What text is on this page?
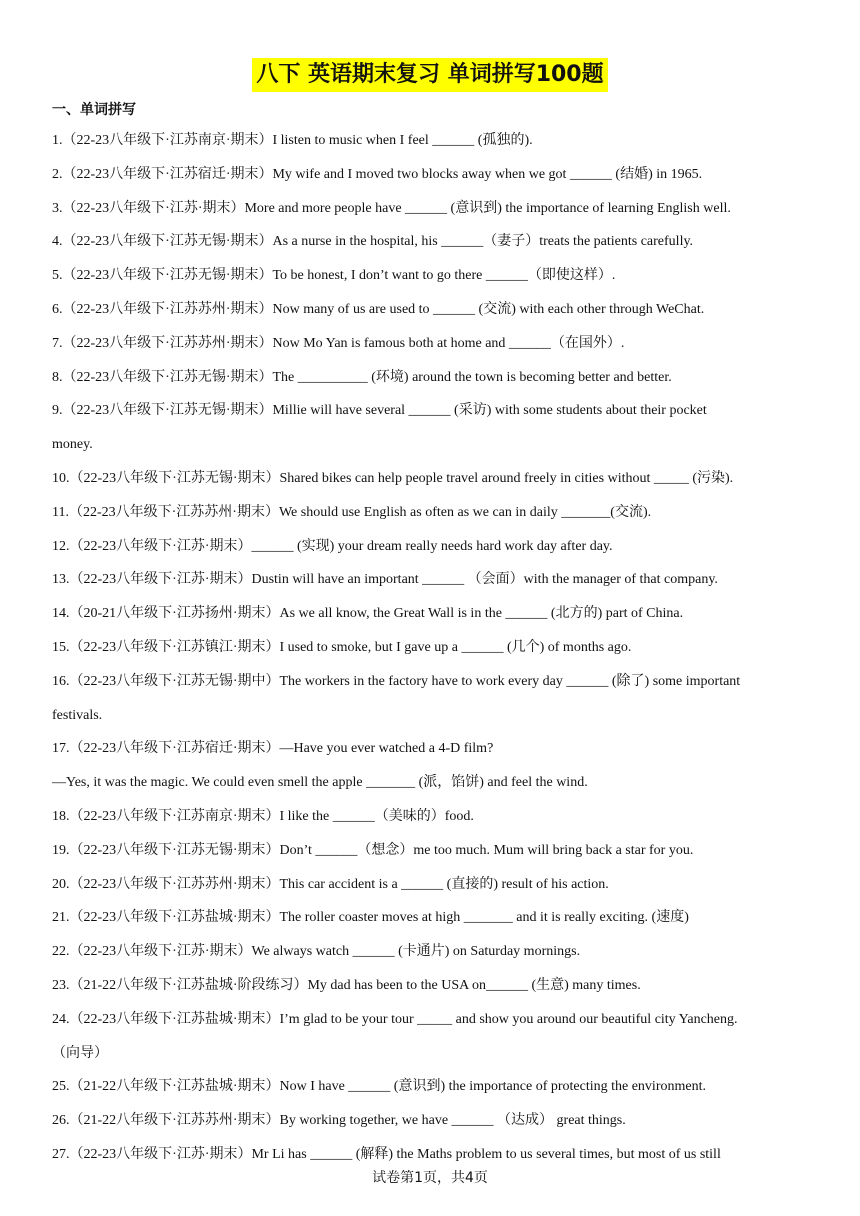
八下 英语期末复习 单词拼写100题
一、单词拼写
1.（22-23八年级下·江苏南京·期末）I listen to music when I feel ______ (孤独的).
2.（22-23八年级下·江苏宿迁·期末）My wife and I moved two blocks away when we got ______ (结婚) in 1965.
3.（22-23八年级下·江苏·期末）More and more people have ______ (意识到) the importance of learning English well.
4.（22-23八年级下·江苏无锡·期末）As a nurse in the hospital, his ______（妻子）treats the patients carefully.
5.（22-23八年级下·江苏无锡·期末）To be honest, I don’t want to go there ______（即使这样）.
6.（22-23八年级下·江苏苏州·期末）Now many of us are used to ______ (交流) with each other through WeChat.
7.（22-23八年级下·江苏苏州·期末）Now Mo Yan is famous both at home and ______（在国外）.
8.（22-23八年级下·江苏无锡·期末）The __________ (环境) around the town is becoming better and better.
9.（22-23八年级下·江苏无锡·期末）Millie will have several ______ (采访) with some students about their pocket
money.
10.（22-23八年级下·江苏无锡·期末）Shared bikes can help people travel around freely in cities without _____ (污染).
11.（22-23八年级下·江苏苏州·期末）We should use English as often as we can in daily _______(交流).
12.（22-23八年级下·江苏·期末）______ (实现) your dream really needs hard work day after day.
13.（22-23八年级下·江苏·期末）Dustin will have an important ______ （会面）with the manager of that company.
14.（20-21八年级下·江苏扬州·期末）As we all know, the Great Wall is in the ______ (北方的) part of China.
15.（22-23八年级下·江苏镇江·期末）I used to smoke, but I gave up a ______ (几个) of months ago.
16.（22-23八年级下·江苏无锡·期中）The workers in the factory have to work every day ______ (除了) some important
festivals.
17.（22-23八年级下·江苏宿迁·期末）—Have you ever watched a 4-D film?
—Yes, it was the magic. We could even smell the apple _______ (派，馅饼) and feel the wind.
18.（22-23八年级下·江苏南京·期末）I like the ______（美味的）food.
19.（22-23八年级下·江苏无锡·期末）Don’t ______（想念）me too much. Mum will bring back a star for you.
20.（22-23八年级下·江苏苏州·期末）This car accident is a ______ (直接的) result of his action.
21.（22-23八年级下·江苏盐城·期末）The roller coaster moves at high _______ and it is really exciting. (速度)
22.（22-23八年级下·江苏·期末）We always watch ______ (卡通片) on Saturday mornings.
23.（21-22八年级下·江苏盐城·阶段练习）My dad has been to the USA on______ (生意) many times.
24.（22-23八年级下·江苏盐城·期末）I’m glad to be your tour _____ and show you around our beautiful city Yancheng.
（向导）
25.（21-22八年级下·江苏盐城·期末）Now I have ______ (意识到) the importance of protecting the environment.
26.（21-22八年级下·江苏苏州·期末）By working together, we have ______ （达成） great things.
27.（22-23八年级下·江苏·期末）Mr Li has ______ (解释) the Maths problem to us several times, but most of us still
试卷第1页，共4页
